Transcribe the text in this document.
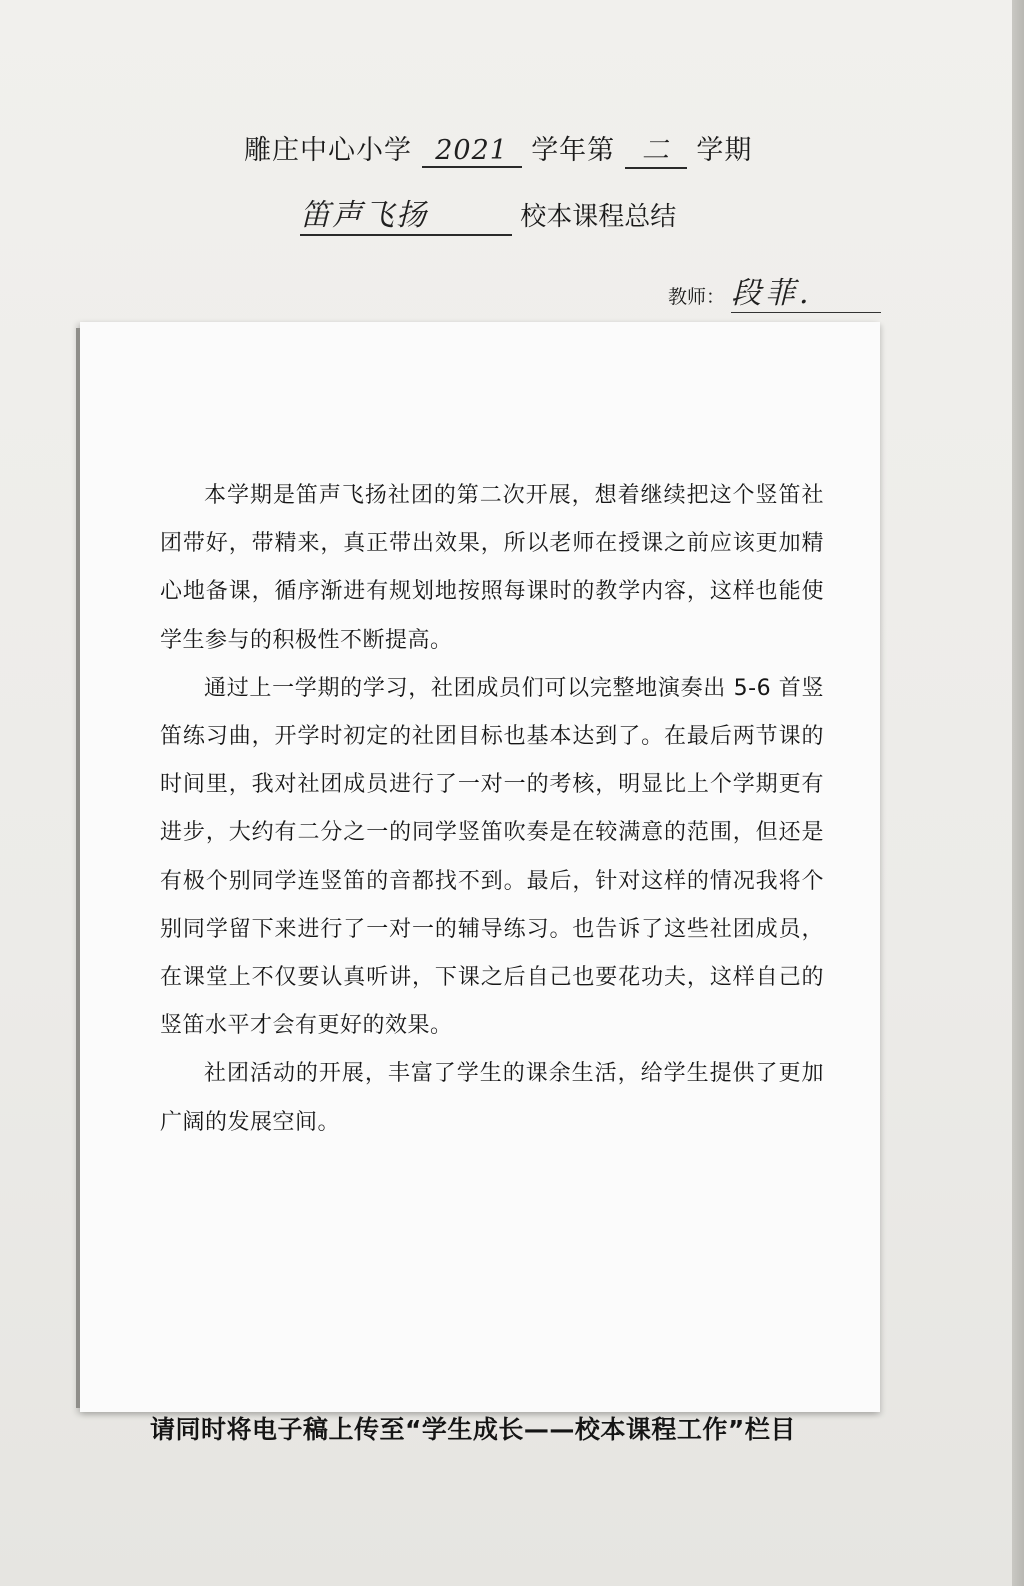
雕庄中心小学 2021 学年第 二 学期
笛声飞扬	校本课程总结
教师： 段菲.

本学期是笛声飞扬社团的第二次开展，想着继续把这个竖笛社团带好，带精来，真正带出效果，所以老师在授课之前应该更加精心地备课，循序渐进有规划地按照每课时的教学内容，这样也能使学生参与的积极性不断提高。

通过上一学期的学习，社团成员们可以完整地演奏出 5-6 首竖笛练习曲，开学时初定的社团目标也基本达到了。在最后两节课的时间里，我对社团成员进行了一对一的考核，明显比上个学期更有进步，大约有二分之一的同学竖笛吹奏是在较满意的范围，但还是有极个别同学连竖笛的音都找不到。最后，针对这样的情况我将个别同学留下来进行了一对一的辅导练习。也告诉了这些社团成员，在课堂上不仅要认真听讲，下课之后自己也要花功夫，这样自己的竖笛水平才会有更好的效果。

社团活动的开展，丰富了学生的课余生活，给学生提供了更加广阔的发展空间。

请同时将电子稿上传至“学生成长——校本课程工作”栏目
